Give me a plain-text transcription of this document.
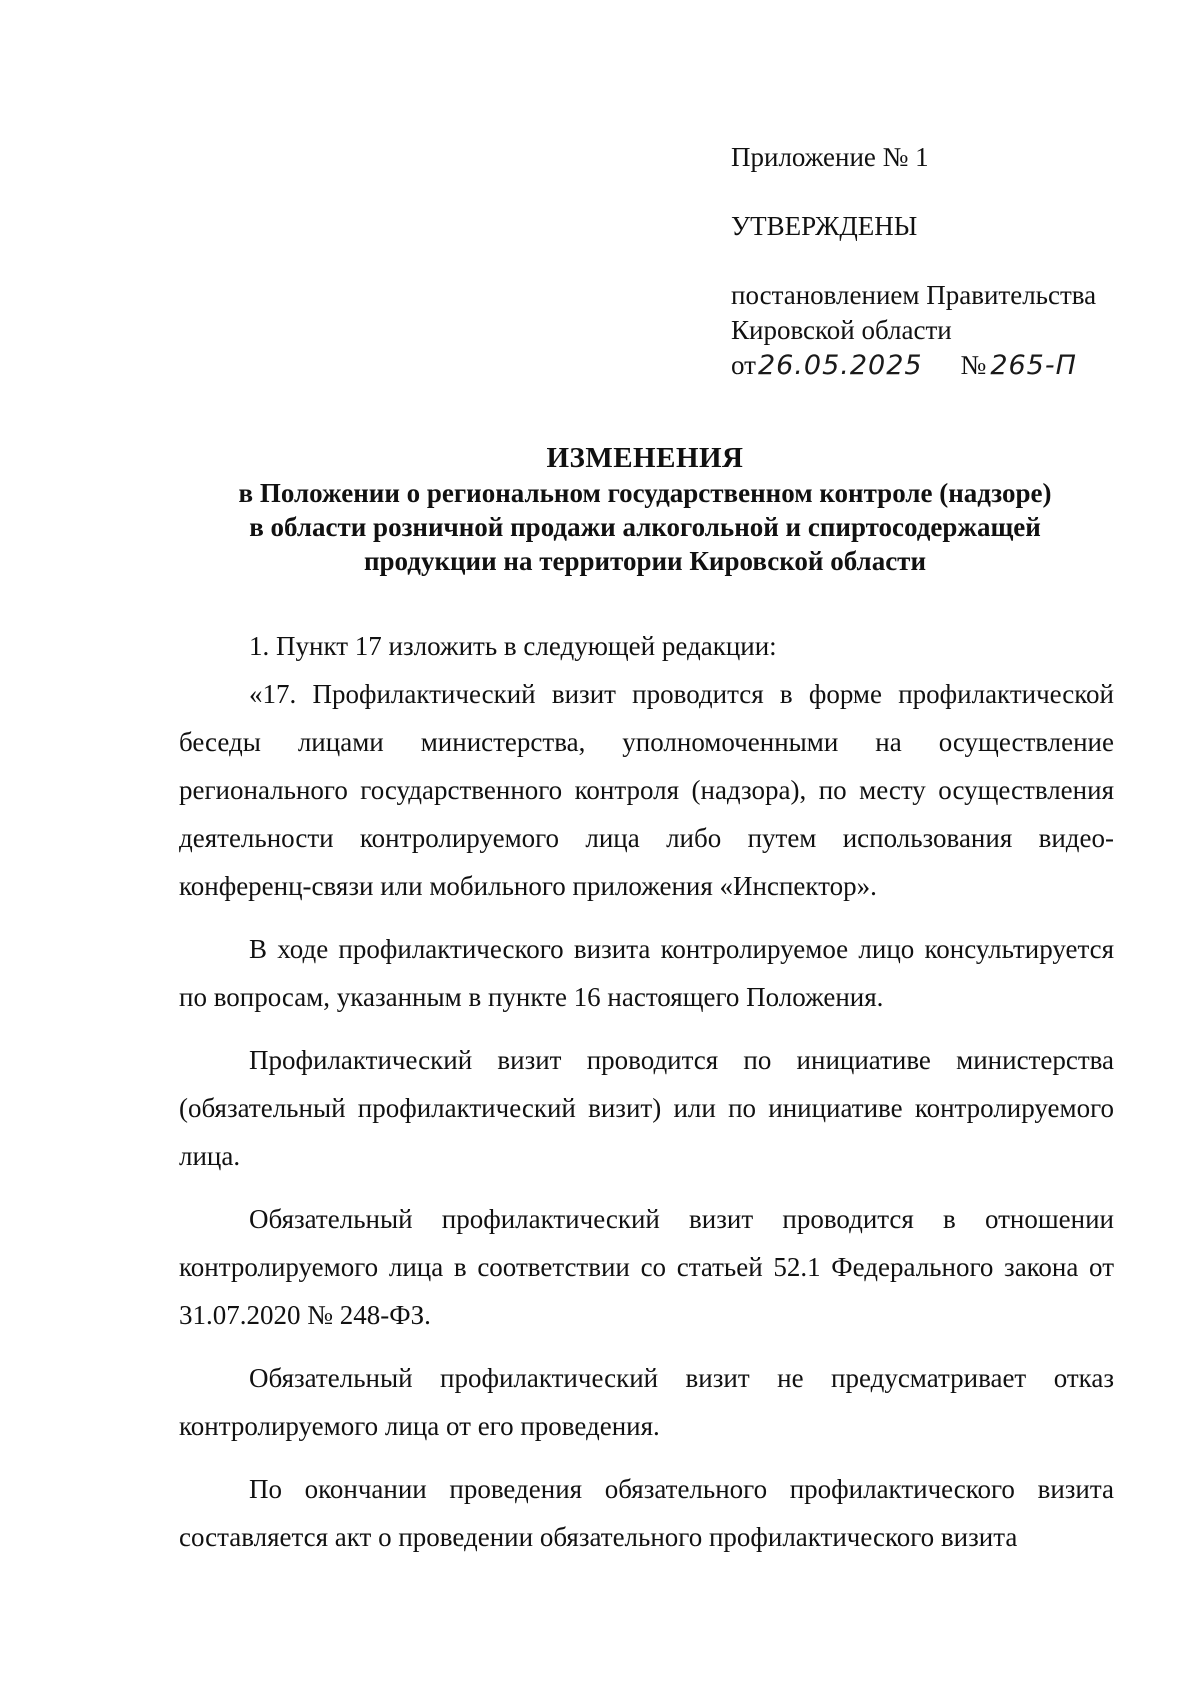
Приложение № 1
УТВЕРЖДЕНЫ
постановлением Правительства
Кировской области
от 26.05.2025 № 265-П
ИЗМЕНЕНИЯ
в Положении о региональном государственном контроле (надзоре)
в области розничной продажи алкогольной и спиртосодержащей
продукции на территории Кировской области

1. Пункт 17 изложить в следующей редакции:

«17. Профилактический визит проводится в форме профилактической беседы лицами министерства, уполномоченными на осуществление регионального государственного контроля (надзора), по месту осуществления деятельности контролируемого лица либо путем использования видео-конференц-связи или мобильного приложения «Инспектор».

В ходе профилактического визита контролируемое лицо консультируется по вопросам, указанным в пункте 16 настоящего Положения.

Профилактический визит проводится по инициативе министерства (обязательный профилактический визит) или по инициативе контролируемого лица.

Обязательный профилактический визит проводится в отношении контролируемого лица в соответствии со статьей 52.1 Федерального закона от 31.07.2020 № 248-ФЗ.

Обязательный профилактический визит не предусматривает отказ контролируемого лица от его проведения.

По окончании проведения обязательного профилактического визита составляется акт о проведении обязательного профилактического визита
